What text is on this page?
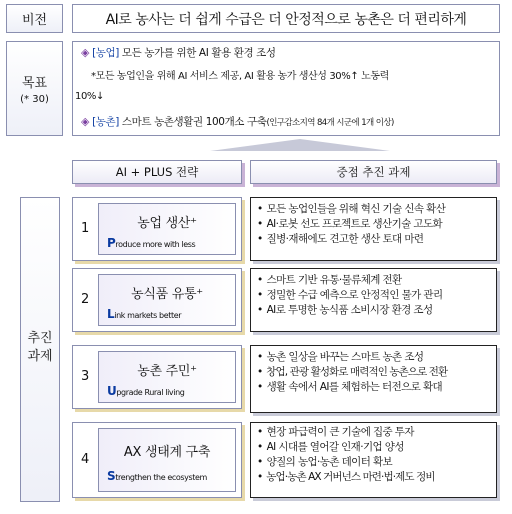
비전	AI로 농사는 더 쉽게 수급은 더 안정적으로 농촌은 더 편리하게
목표
(* 30)
◈ [농업] 모든 농가를 위한 AI 활용 환경 조성
*모든 농업인을 위해 AI 서비스 제공, AI 활용 농가 생산성 30%↑ 노동력
10%↓
◈ [농촌] 스마트 농촌생활권 100개소 구축(인구감소지역 84개 시군에 1개 이상)
AI + PLUS 전략	중점 추진 과제
추진
과제
1	농업 생산⁺
Produce more with less
• 모든 농업인들을 위해 혁신 기술 신속 확산
• AI·로봇 선도 프로젝트로 생산기술 고도화
• 질병·재해에도 견고한 생산 토대 마련
2	농식품 유통⁺
Link markets better
• 스마트 기반 유통·물류체계 전환
• 정밀한 수급 예측으로 안정적인 물가 관리
• AI로 투명한 농식품 소비시장 환경 조성
3	농촌 주민⁺
Upgrade Rural living
• 농촌 일상을 바꾸는 스마트 농촌 조성
• 창업, 관광 활성화로 매력적인 농촌으로 전환
• 생활 속에서 AI를 체험하는 터전으로 확대
4	AX 생태계 구축
Strengthen the ecosystem
• 현장 파급력이 큰 기술에 집중 투자
• AI 시대를 열어갈 인재·기업 양성
• 양질의 농업·농촌 데이터 확보
• 농업·농촌 AX 거버넌스 마련·법·제도 정비
